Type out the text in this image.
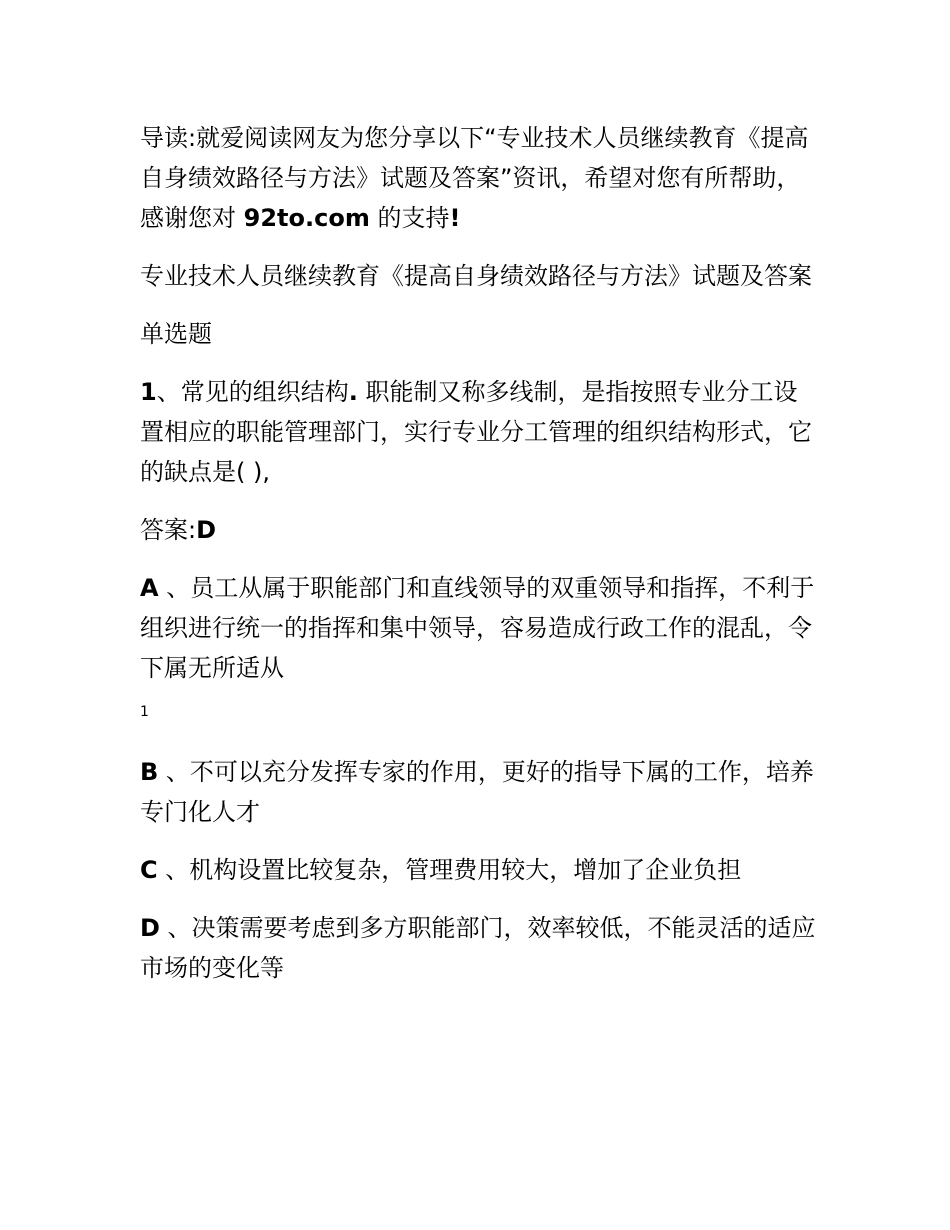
导读:就爱阅读网友为您分享以下“专业技术人员继续教育《提高自身绩效路径与方法》试题及答案”资讯，希望对您有所帮助，感谢您对 92to.com 的支持!

专业技术人员继续教育《提高自身绩效路径与方法》试题及答案

单选题

1、常见的组织结构. 职能制又称多线制，是指按照专业分工设置相应的职能管理部门，实行专业分工管理的组织结构形式，它的缺点是( ),

答案:D

A 、员工从属于职能部门和直线领导的双重领导和指挥，不利于组织进行统一的指挥和集中领导，容易造成行政工作的混乱，令下属无所适从

1

B 、不可以充分发挥专家的作用，更好的指导下属的工作，培养专门化人才

C 、机构设置比较复杂，管理费用较大，增加了企业负担

D 、决策需要考虑到多方职能部门，效率较低，不能灵活的适应市场的变化等
